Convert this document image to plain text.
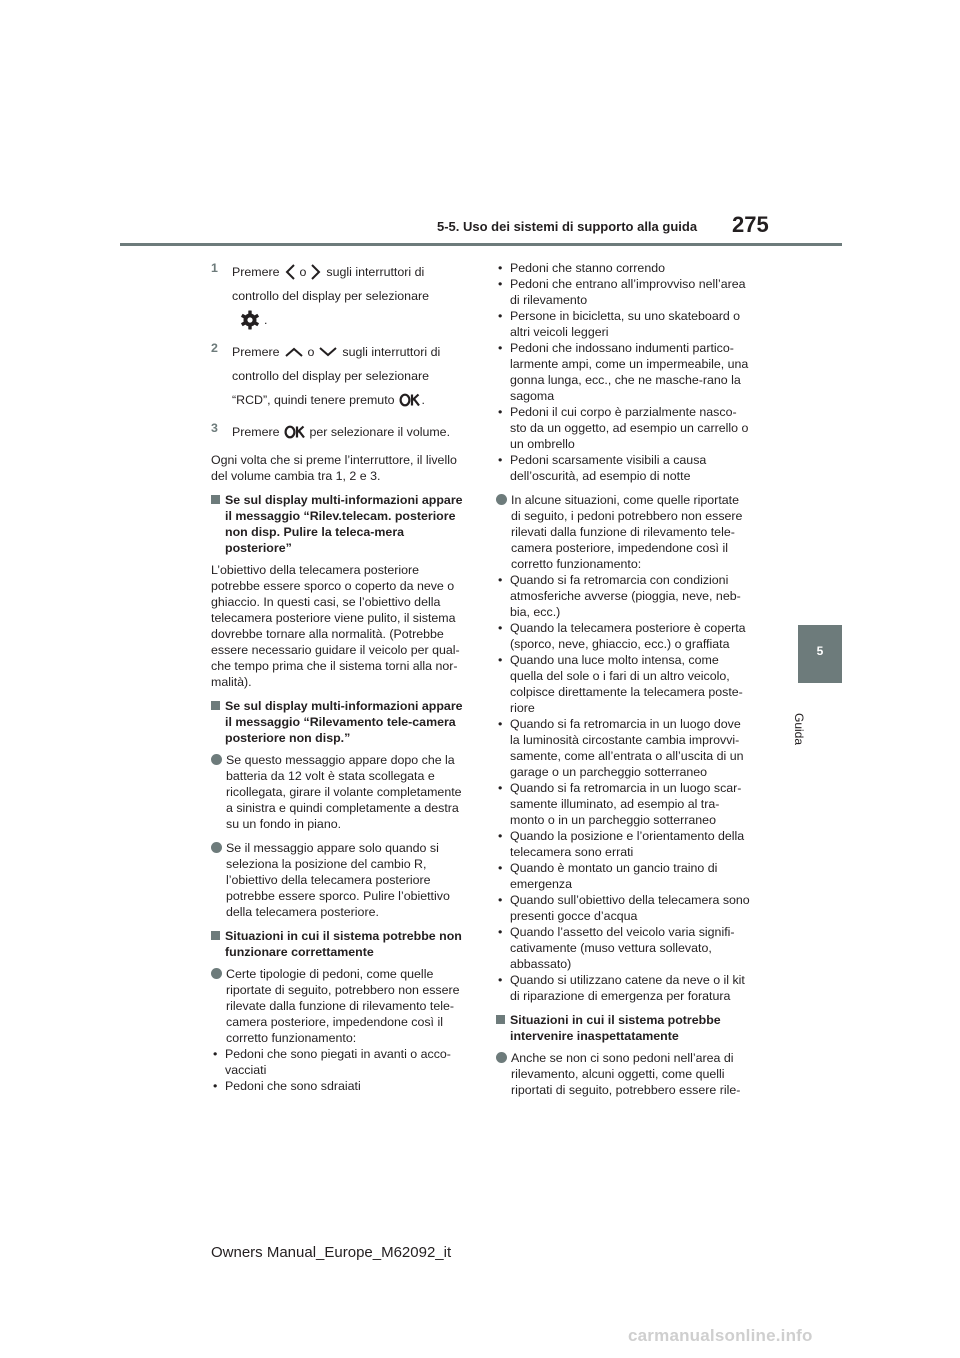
5-5. Uso dei sistemi di supporto alla guida 275
5
Guida
1	Premere o sugli interruttori di
controllo del display per selezionare
.
2	Premere o sugli interruttori di
controllo del display per selezionare
“RCD”, quindi tenere premuto .
3	Premere per selezionare il volume.

Ogni volta che si preme l’interruttore, il livello del volume cambia tra 1, 2 e 3.

Se sul display multi-informazioni appare il messaggio “Rilev.telecam. posteriore non disp. Pulire la teleca-mera posteriore”

L’obiettivo della telecamera posteriore potrebbe essere sporco o coperto da neve o ghiaccio. In questi casi, se l’obiettivo della telecamera posteriore viene pulito, il sistema dovrebbe tornare alla normalità. (Potrebbe essere necessario guidare il veicolo per qual-che tempo prima che il sistema torni alla nor-malità).

Se sul display multi-informazioni appare il messaggio “Rilevamento tele-camera posteriore non disp.”
Se questo messaggio appare dopo che la batteria da 12 volt è stata scollegata e ricollegata, girare il volante completamente a sinistra e quindi completamente a destra su un fondo in piano.
Se il messaggio appare solo quando si seleziona la posizione del cambio R, l’obiettivo della telecamera posteriore potrebbe essere sporco. Pulire l’obiettivo della telecamera posteriore.
Situazioni in cui il sistema potrebbe non funzionare correttamente
Certe tipologie di pedoni, come quelle riportate di seguito, potrebbero non essere rilevate dalla funzione di rilevamento tele-camera posteriore, impedendone così il corretto funzionamento:
• Pedoni che sono piegati in avanti o acco-vacciati
• Pedoni che sono sdraiati
• Pedoni che stanno correndo
• Pedoni che entrano all’improvviso nell’area di rilevamento
• Persone in bicicletta, su uno skateboard o altri veicoli leggeri
• Pedoni che indossano indumenti partico-larmente ampi, come un impermeabile, una gonna lunga, ecc., che ne masche-rano la sagoma
• Pedoni il cui corpo è parzialmente nasco-sto da un oggetto, ad esempio un carrello o un ombrello
• Pedoni scarsamente visibili a causa dell’oscurità, ad esempio di notte
In alcune situazioni, come quelle riportate di seguito, i pedoni potrebbero non essere rilevati dalla funzione di rilevamento tele-camera posteriore, impedendone così il corretto funzionamento:
• Quando si fa retromarcia con condizioni atmosferiche avverse (pioggia, neve, neb-bia, ecc.)
• Quando la telecamera posteriore è coperta (sporco, neve, ghiaccio, ecc.) o graffiata
• Quando una luce molto intensa, come quella del sole o i fari di un altro veicolo, colpisce direttamente la telecamera poste-riore
• Quando si fa retromarcia in un luogo dove la luminosità circostante cambia improvvi-samente, come all’entrata o all’uscita di un garage o un parcheggio sotterraneo
• Quando si fa retromarcia in un luogo scar-samente illuminato, ad esempio al tra-monto o in un parcheggio sotterraneo
• Quando la posizione e l’orientamento della telecamera sono errati
• Quando è montato un gancio traino di emergenza
• Quando sull’obiettivo della telecamera sono presenti gocce d’acqua
• Quando l’assetto del veicolo varia signifi-cativamente (muso vettura sollevato, abbassato)
• Quando si utilizzano catene da neve o il kit di riparazione di emergenza per foratura
Situazioni in cui il sistema potrebbe intervenire inaspettatamente
Anche se non ci sono pedoni nell’area di rilevamento, alcuni oggetti, come quelli riportati di seguito, potrebbero essere rile-
Owners Manual_Europe_M62092_it
carmanualsonline.info
